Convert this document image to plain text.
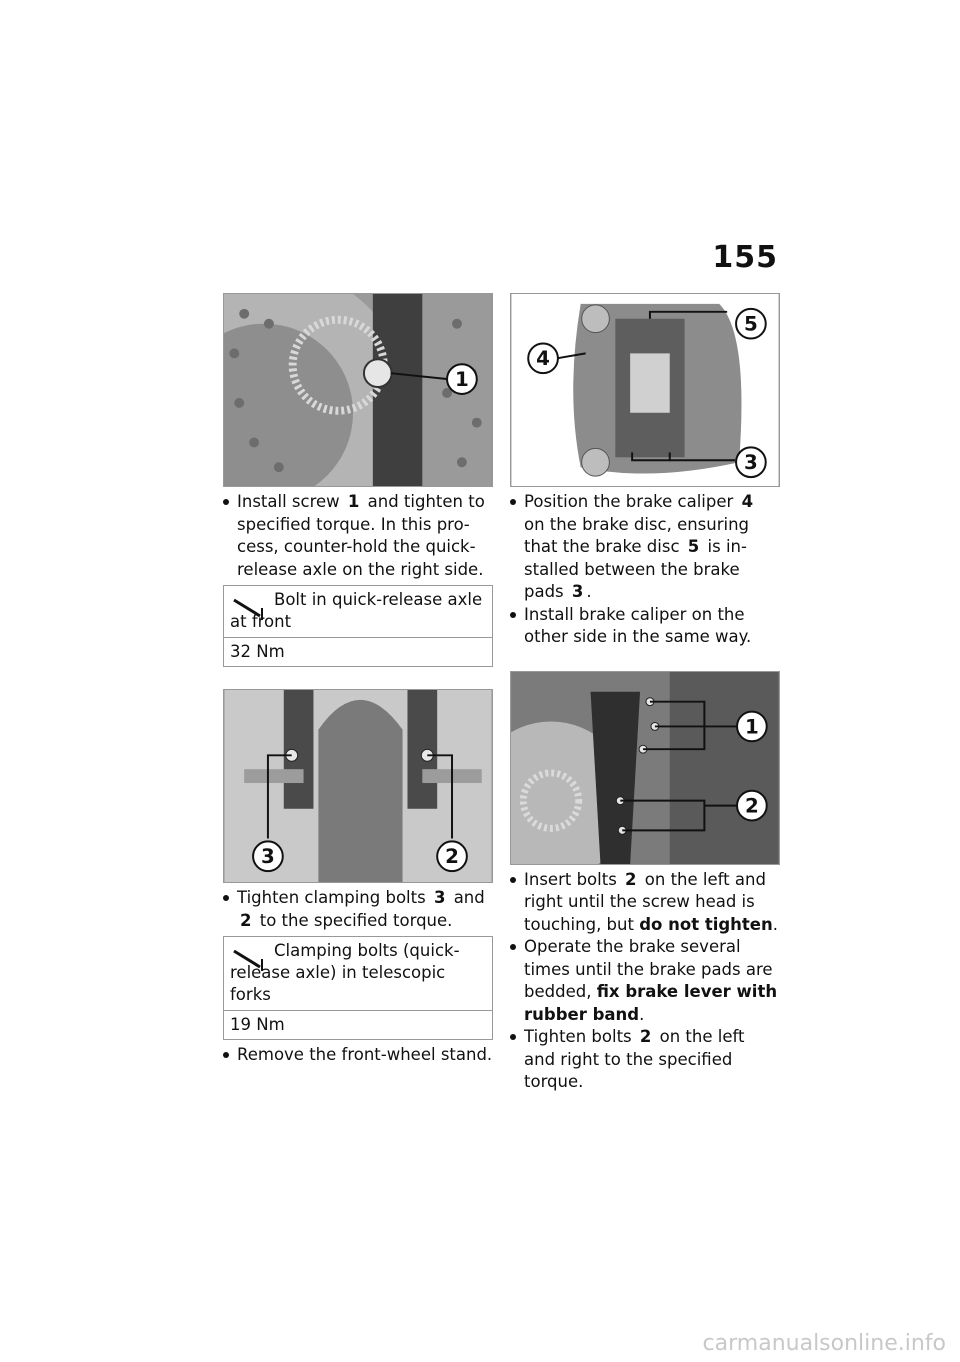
155
1
Install screw 1 and tighten to specified torque. In this process, counter-hold the quick-release axle on the right side.
Bolt in quick-release axle at front
32 Nm
3	2
Tighten clamping bolts 3 and 2 to the specified torque.
Clamping bolts (quick-release axle) in telescopic forks
19 Nm
Remove the front-wheel stand.
4
5
3
Position the brake caliper 4 on the brake disc, ensuring that the brake disc 5 is installed between the brake pads 3 .
Install brake caliper on the other side in the same way.
1
2
Insert bolts 2 on the left and right until the screw head is touching, but do not tighten.
Operate the brake several times until the brake pads are bedded, fix brake lever with rubber band.
Tighten bolts 2 on the left and right to the specified torque.
carmanualsonline.info
